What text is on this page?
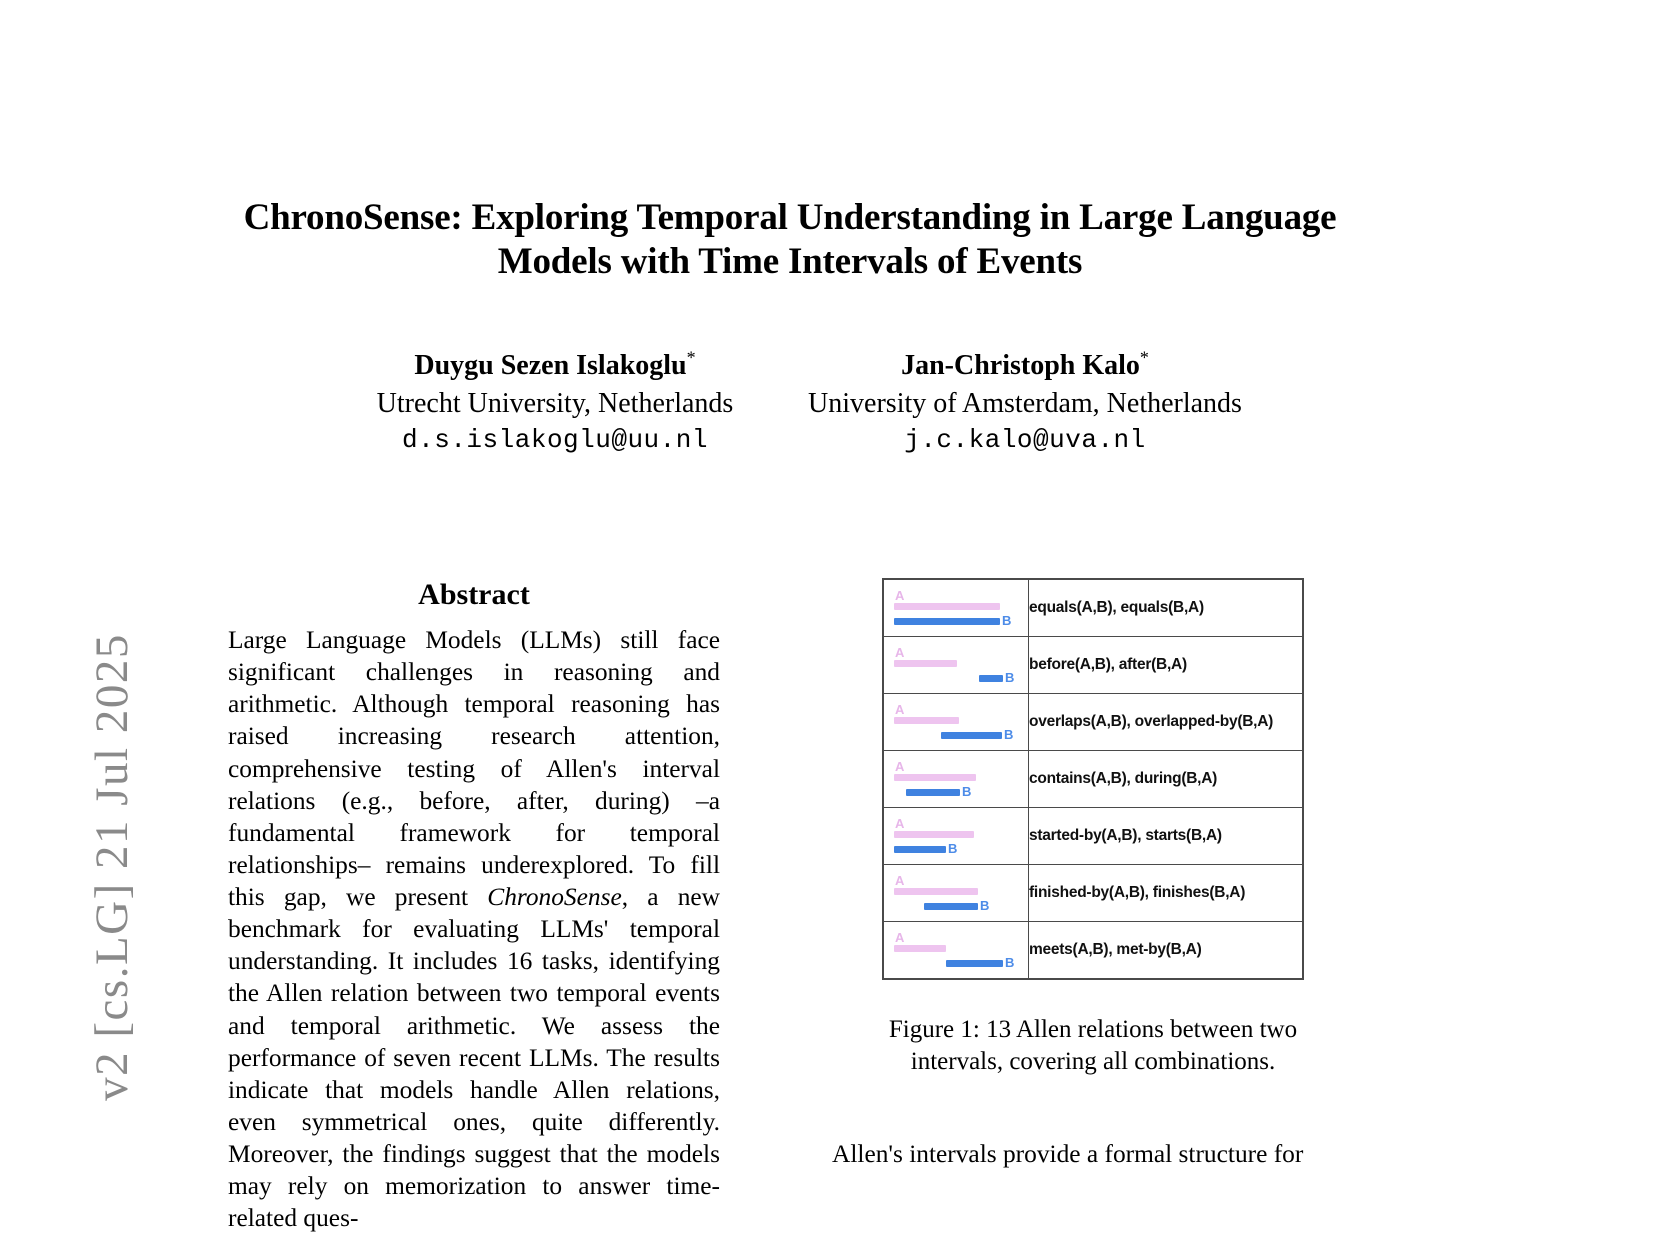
v2 [cs.LG] 21 Jul 2025
ChronoSense: Exploring Temporal Understanding in Large Language Models with Time Intervals of Events
Duygu Sezen Islakoglu*
Utrecht University, Netherlands
d.s.islakoglu@uu.nl
Jan-Christoph Kalo*
University of Amsterdam, Netherlands
j.c.kalo@uva.nl
Abstract

Large Language Models (LLMs) still face significant challenges in reasoning and arithmetic. Although temporal reasoning has raised increasing research attention, comprehensive testing of Allen's interval relations (e.g., before, after, during) –a fundamental framework for temporal relationships– remains underexplored. To fill this gap, we present ChronoSense, a new benchmark for evaluating LLMs' temporal understanding. It includes 16 tasks, identifying the Allen relation between two temporal events and temporal arithmetic. We assess the performance of seven recent LLMs. The results indicate that models handle Allen relations, even symmetrical ones, quite differently. Moreover, the findings suggest that the models may rely on memorization to answer time-related ques-

A
B	equals(A,B), equals(B,A)

A
B	before(A,B), after(B,A)

A
B	overlaps(A,B), overlapped-by(B,A)

A
B	contains(A,B), during(B,A)

A
B	started-by(A,B), starts(B,A)

A
B	finished-by(A,B), finishes(B,A)

A
B	meets(A,B), met-by(B,A)

Figure 1: 13 Allen relations between two intervals, covering all combinations.

Allen's intervals provide a formal structure for
